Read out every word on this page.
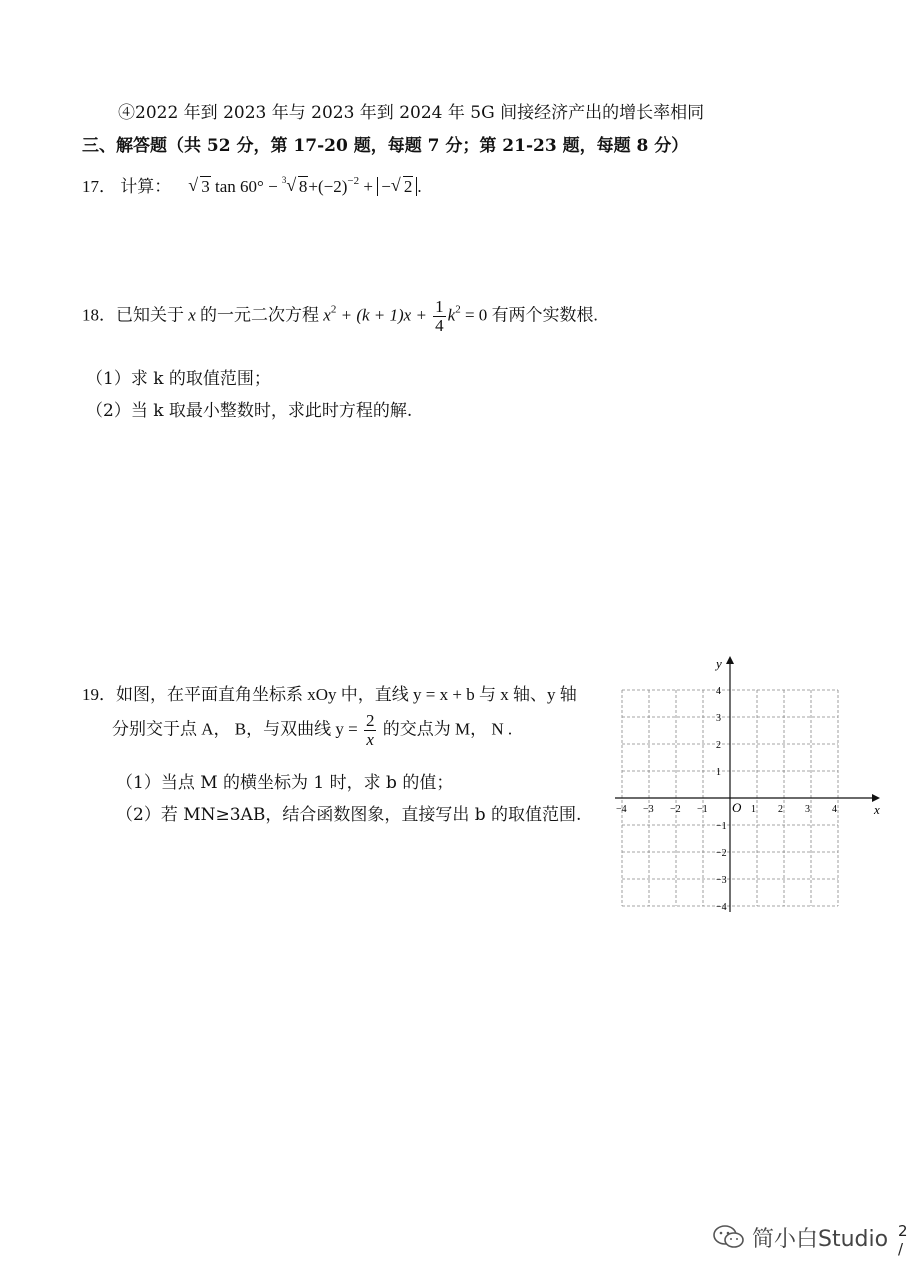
④2022 年到 2023 年与 2023 年到 2024 年 5G 间接经济产出的增长率相同
三、解答题（共 52 分，第 17-20 题，每题 7 分；第 21-23 题，每题 8 分）
17． 计算： √ 3 tan 60° − $^3$√ $8+(-2)^{-2}$ + − √ 2 .
18．已知关于 x 的一元二次方程 $x^2 + (k + 1)x + \frac{1}{4} k^2 = 0$ 有两个实数根.
（1）求 k 的取值范围；
（2）当 k 取最小整数时，求此时方程的解.
19．如图，在平面直角坐标系 xOy 中，直线 y = x + b 与 x 轴、y 轴
分别交于点 A， B，与双曲线 $y = \frac{2}{x}$ 的交点为 M， N .
（1）当点 M 的横坐标为 1 时，求 b 的值；
（2）若 MN≥3AB，结合函数图象，直接写出 b 的取值范围.	x
y
O
−4 −3 −2 −1	1 2 3 4
4
3
2
1
−1
−2
−3
−4
简小白Studio 2 /
